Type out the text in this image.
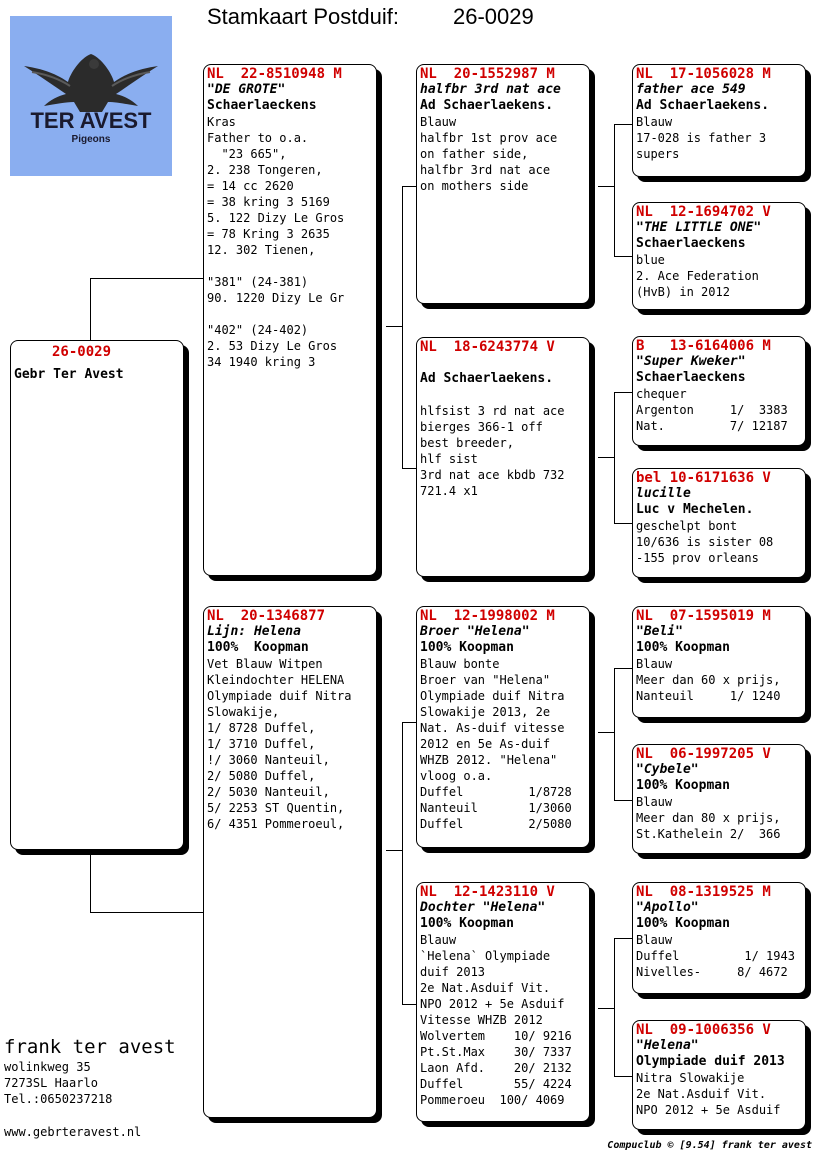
Stamkaart Postduif: 26-0029
TER AVEST
Pigeons
26-0029
Gebr Ter Avest
NL  22-8510948 M
"DE GROTE"
Schaerlaeckens
Kras
Father to o.a.
"23 665",
2. 238 Tongeren,
= 14 cc 2620
= 38 kring 3 5169
5. 122 Dizy Le Gros
= 78 Kring 3 2635
12. 302 Tienen,
"381" (24-381)
90. 1220 Dizy Le Gr
"402" (24-402)
2. 53 Dizy Le Gros
34 1940 kring 3
NL  20-1346877
Lijn: Helena
100%  Koopman
Vet Blauw Witpen
Kleindochter HELENA
Olympiade duif Nitra
Slowakije,
1/ 8728 Duffel,
1/ 3710 Duffel,
!/ 3060 Nanteuil,
2/ 5080 Duffel,
2/ 5030 Nanteuil,
5/ 2253 ST Quentin,
6/ 4351 Pommeroeul,
NL  20-1552987 M
halfbr 3rd nat ace
Ad Schaerlaekens.
Blauw
halfbr 1st prov ace
on father side,
halfbr 3rd nat ace
on mothers side
NL  18-6243774 V
Ad Schaerlaekens.
hlfsist 3 rd nat ace
bierges 366-1 off
best breeder,
hlf sist
3rd nat ace kbdb 732
721.4 x1
NL  12-1998002 M
Broer "Helena"
100% Koopman
Blauw bonte
Broer van "Helena"
Olympiade duif Nitra
Slowakije 2013, 2e
Nat. As-duif vitesse
2012 en 5e As-duif
WHZB 2012. "Helena"
vloog o.a.
Duffel         1/8728
Nanteuil       1/3060
Duffel         2/5080
NL  12-1423110 V
Dochter "Helena"
100% Koopman
Blauw
`Helena` Olympiade
duif 2013
2e Nat.Asduif Vit.
NPO 2012 + 5e Asduif
Vitesse WHZB 2012
Wolvertem    10/ 9216
Pt.St.Max    30/ 7337
Laon Afd.    20/ 2132
Duffel       55/ 4224
Pommeroeu  100/ 4069
NL  17-1056028 M
father ace 549
Ad Schaerlaekens.
Blauw
17-028 is father 3
supers
NL  12-1694702 V
"THE LITTLE ONE"
Schaerlaeckens
blue
2. Ace Federation
(HvB) in 2012
B   13-6164006 M
"Super Kweker"
Schaerlaeckens
chequer
Argenton     1/  3383
Nat.         7/ 12187
bel 10-6171636 V
lucille
Luc v Mechelen.
geschelpt bont
10/636 is sister 08
-155 prov orleans
NL  07-1595019 M
"Beli"
100% Koopman
Blauw
Meer dan 60 x prijs,
Nanteuil     1/ 1240
NL  06-1997205 V
"Cybele"
100% Koopman
Blauw
Meer dan 80 x prijs,
St.Kathelein 2/  366
NL  08-1319525 M
"Apollo"
100% Koopman
Blauw
Duffel         1/ 1943
Nivelles-     8/ 4672
NL  09-1006356 V
"Helena"
Olympiade duif 2013
Nitra Slowakije
2e Nat.Asduif Vit.
NPO 2012 + 5e Asduif
frank ter avest
wolinkweg 35
7273SL Haarlo
Tel.:0650237218
www.gebrteravest.nl
Compuclub © [9.54] frank ter avest
